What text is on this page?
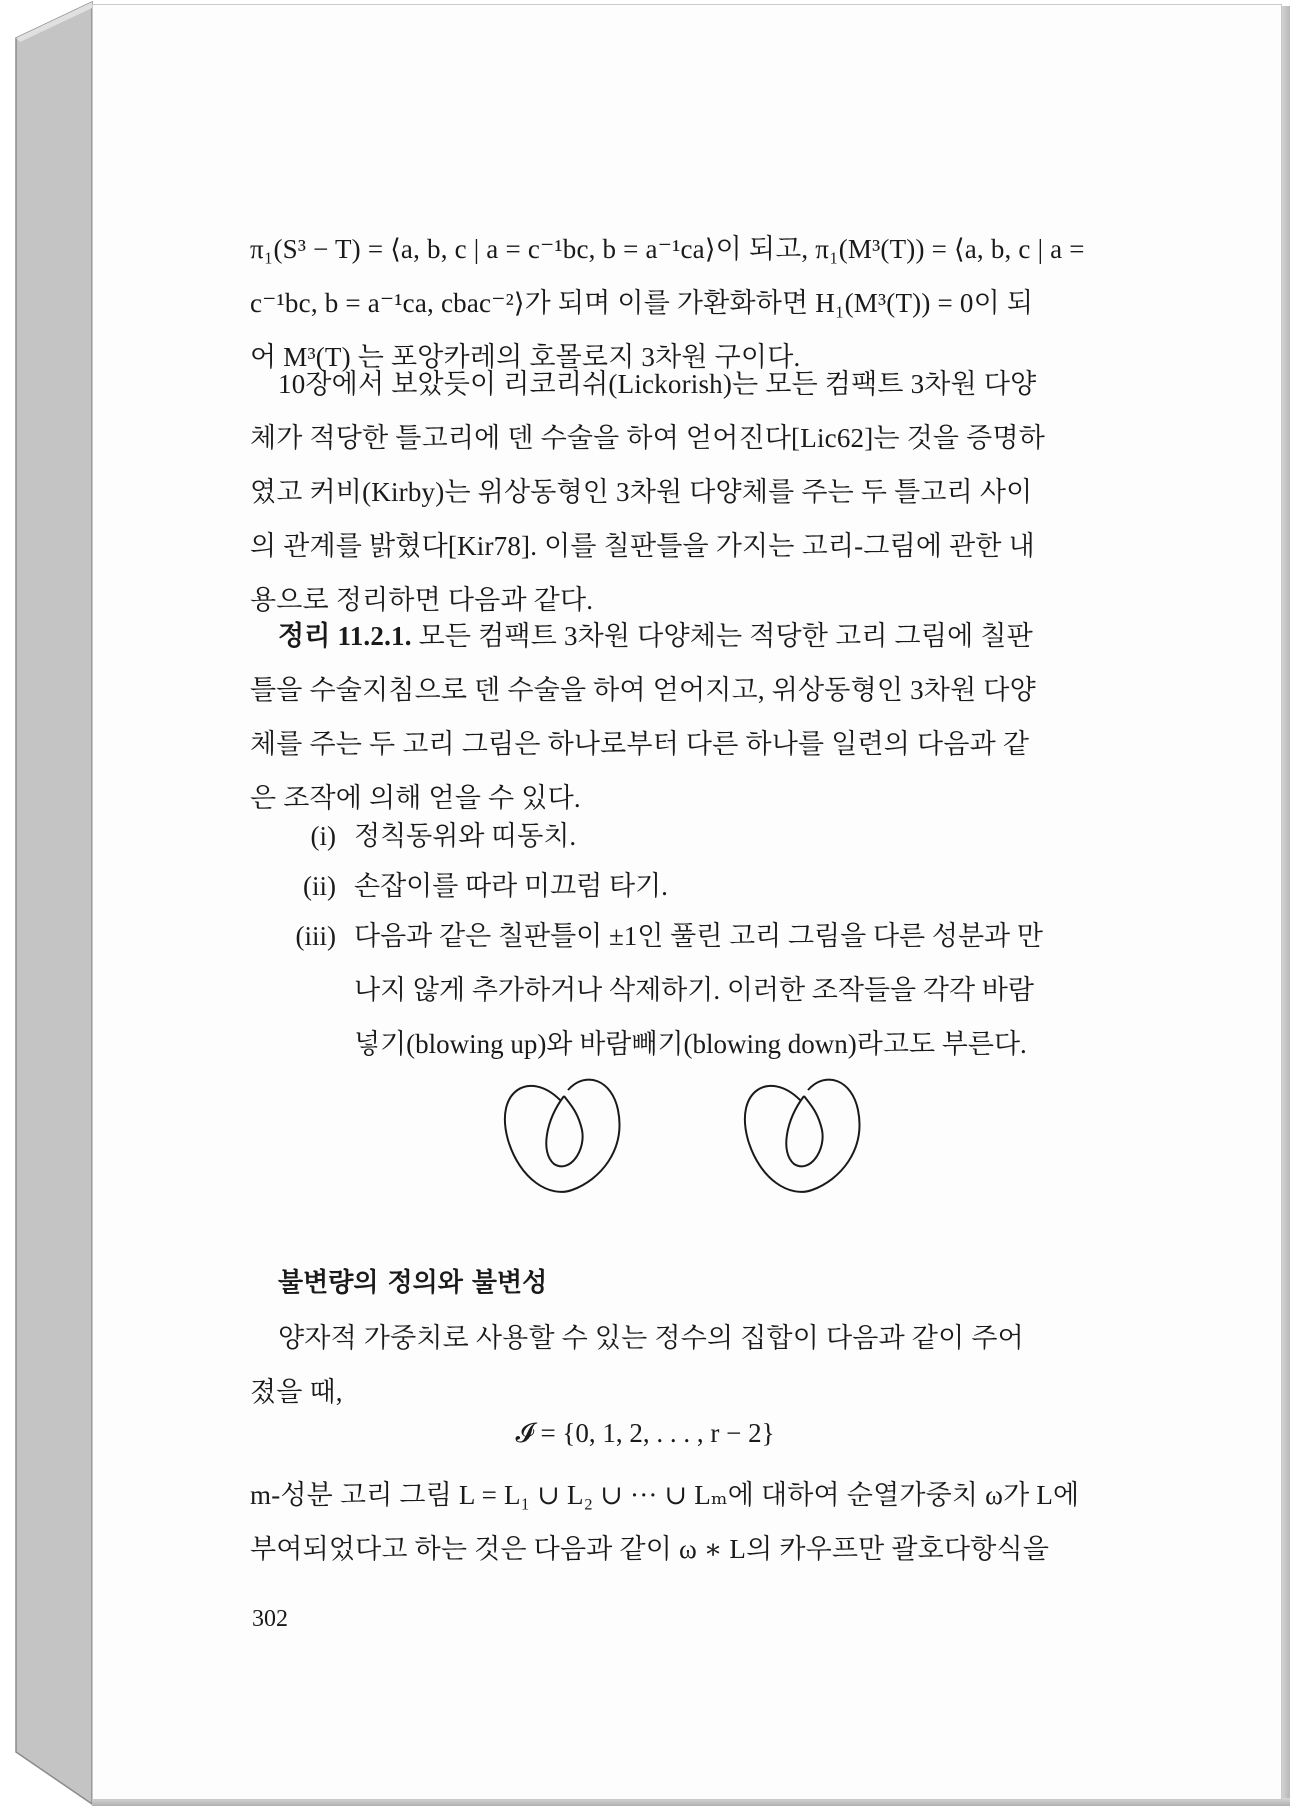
π₁(S³ − T) = ⟨a, b, c | a = c⁻¹bc, b = a⁻¹ca⟩이 되고, π₁(M³(T)) = ⟨a, b, c | a =
c⁻¹bc, b = a⁻¹ca, cbac⁻²⟩가 되며 이를 가환화하면 H₁(M³(T)) = 0이 되
어 M³(T) 는 포앙카레의 호몰로지 3차원 구이다.
10장에서 보았듯이 리코리쉬(Lickorish)는 모든 컴팩트 3차원 다양
체가 적당한 틀고리에 덴 수술을 하여 얻어진다[Lic62]는 것을 증명하
였고 커비(Kirby)는 위상동형인 3차원 다양체를 주는 두 틀고리 사이
의 관계를 밝혔다[Kir78]. 이를 칠판틀을 가지는 고리-그림에 관한 내
용으로 정리하면 다음과 같다.
정리 11.2.1. 모든 컴팩트 3차원 다양체는 적당한 고리 그림에 칠판
틀을 수술지침으로 덴 수술을 하여 얻어지고, 위상동형인 3차원 다양
체를 주는 두 고리 그림은 하나로부터 다른 하나를 일련의 다음과 같
은 조작에 의해 얻을 수 있다.
(i) 정칙동위와 띠동치.
(ii) 손잡이를 따라 미끄럼 타기.
(iii) 다음과 같은 칠판틀이 ±1인 풀린 고리 그림을 다른 성분과 만
나지 않게 추가하거나 삭제하기. 이러한 조작들을 각각 바람
넣기(blowing up)와 바람빼기(blowing down)라고도 부른다.
불변량의 정의와 불변성
양자적 가중치로 사용할 수 있는 정수의 집합이 다음과 같이 주어
졌을 때,
𝓘 = {0, 1, 2, . . . , r − 2}
m-성분 고리 그림 L = L₁ ∪ L₂ ∪ ··· ∪ Lₘ에 대하여 순열가중치 ω가 L에
부여되었다고 하는 것은 다음과 같이 ω ∗ L의 카우프만 괄호다항식을
302
